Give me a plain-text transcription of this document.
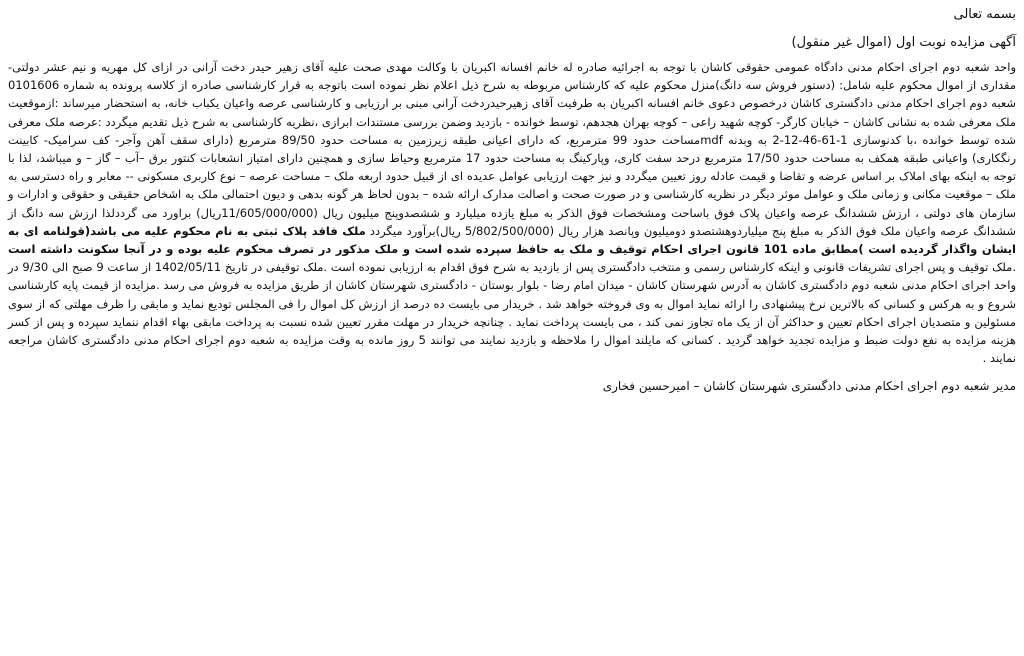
بسمه تعالی
آگهی مزایده نوبت اول (اموال غیر منقول)

واحد شعبه دوم اجرای احکام مدنی دادگاه عمومی حقوقی کاشان با توجه به اجرائیه صادره له خانم افسانه اکبریان با وکالت مهدی صحت علیه آقای زهیر حیدر دخت آرانی در ازای کل مهریه و نیم عشر دولتی- مقداری از اموال محکوم علیه شامل: (دستور فروش سه دانگ)منزل محکوم علیه که کارشناس مربوطه به شرح ذیل اعلام نظر نموده است باتوجه به قرار کارشناسی صادره از کلاسه پرونده به شماره 0101606 شعبه دوم اجرای احکام مدنی دادگستری کاشان درخصوص دعوی خانم افسانه اکبریان به طرفیت آقای زهیرحیدردخت آرانی مبنی بر ارزیابی و کارشناسی عرصه واعیان یکباب خانه، به استحضار میرساند :ازموقعیت ملک معرفی شده به نشانی کاشان – خیابان کارگر- کوچه شهید راعی – کوچه بهران هجدهم، توسط خوانده - بازدید وضمن بررسی مستندات ابرازی ،نظریه کارشناسی به شرح ذیل تقدیم میگردد :عرصه ملک معرفی شده توسط خوانده ،با کدنوسازی 1-61-46-12-2 به وبدنه mdfمساحت حدود 99 مترمربع، که دارای اعیانی طبقه زیرزمین به مساحت حدود 89/50 مترمربع (دارای سقف آهن وآجر- کف سرامیک- کابینت رنگکاری) واعیانی طبقه همکف به مساحت حدود 17/50 مترمربع درحد سفت کاری، وپارکینگ به مساحت حدود 17 مترمربع وحیاط سازی و همچنین دارای امتیاز انشعابات کنتور برق –آب – گاز – و میباشد، لذا با توجه به اینکه بهای املاک بر اساس عرضه و تقاضا و قیمت عادله روز تعیین میگردد و نیز جهت ارزیابی عوامل عدیده ای از قبیل حدود اربعه ملک – مساحت عرصه – نوع کاربری مسکونی -- معابر و راه دسترسی به ملک – موقعیت مکانی و زمانی ملک و عوامل موثر دیگر در نظریه کارشناسی و در صورت صحت و اصالت مدارک ارائه شده – بدون لحاظ هر گونه بدهی و دیون احتمالی ملک به اشخاص حقیقی و حقوقی و ادارات و سازمان های دولتی ، ارزش ششدانگ عرصه واعیان پلاک فوق باساحت ومشخصات فوق الذکر به مبلغ یازده میلیارد و ششصدوپنج میلیون ریال (11/605/000/000ریال) براورد می گرددلذا ارزش سه دانگ از ششدانگ عرصه واعیان ملک فوق الذکر به مبلغ پنج میلیاردوهشتصدو دومیلیون وپانصد هزار ریال (5/802/500/000 ریال)برآورد میگردد ملک فاقد پلاک ثبتی به نام محکوم علیه می باشد(قولنامه ای به ایشان واگذار گردیده است )مطابق ماده 101 قانون اجرای احکام توقیف و ملک به حافظ سپرده شده است و ملک مذکور در تصرف محکوم علیه بوده و در آنجا سکونت داشته است .ملک توقیف و پس اجرای تشریفات قانونی و اینکه کارشناس رسمی و منتخب دادگستری پس از بازدید به شرح فوق اقدام به ارزیابی نموده است .ملک توقیفی در تاریخ 1402/05/11 از ساعت 9 صبح الی 9/30 در واحد اجرای احکام مدنی شعبه دوم دادگستری کاشان به آدرس شهرستان کاشان - میدان امام رضا - بلوار بوستان - دادگستری شهرستان کاشان از طریق مزایده به فروش می رسد .مزایده از قیمت پایه کارشناسی شروع و به هرکس و کسانی که بالاترین نرخ پیشنهادی را ارائه نماید اموال به وی فروخته خواهد شد . خریدار می بایست ده درصد از ارزش کل اموال را فی المجلس تودیع نماید و مابقی را ظرف مهلتی که از سوی مسئولین و متصدیان اجرای احکام تعیین و حداکثر آن از یک ماه تجاوز نمی کند ، می بایست پرداخت نماید . چنانچه خریدار در مهلت مقرر تعیین شده نسبت به پرداخت مابقی بهاء اقدام ننماید سپرده و پس از کسر هزینه مزایده به نفع دولت ضبط و مزایده تجدید خواهد گردید . کسانی که مایلند اموال را ملاحظه و بازدید نمایند می توانند 5 روز مانده به وقت مزایده به شعبه دوم اجرای احکام مدنی دادگستری کاشان مراجعه نمایند .

مدیر شعبه دوم اجرای احکام مدنی دادگستری شهرستان کاشان – امیرحسین فخاری
